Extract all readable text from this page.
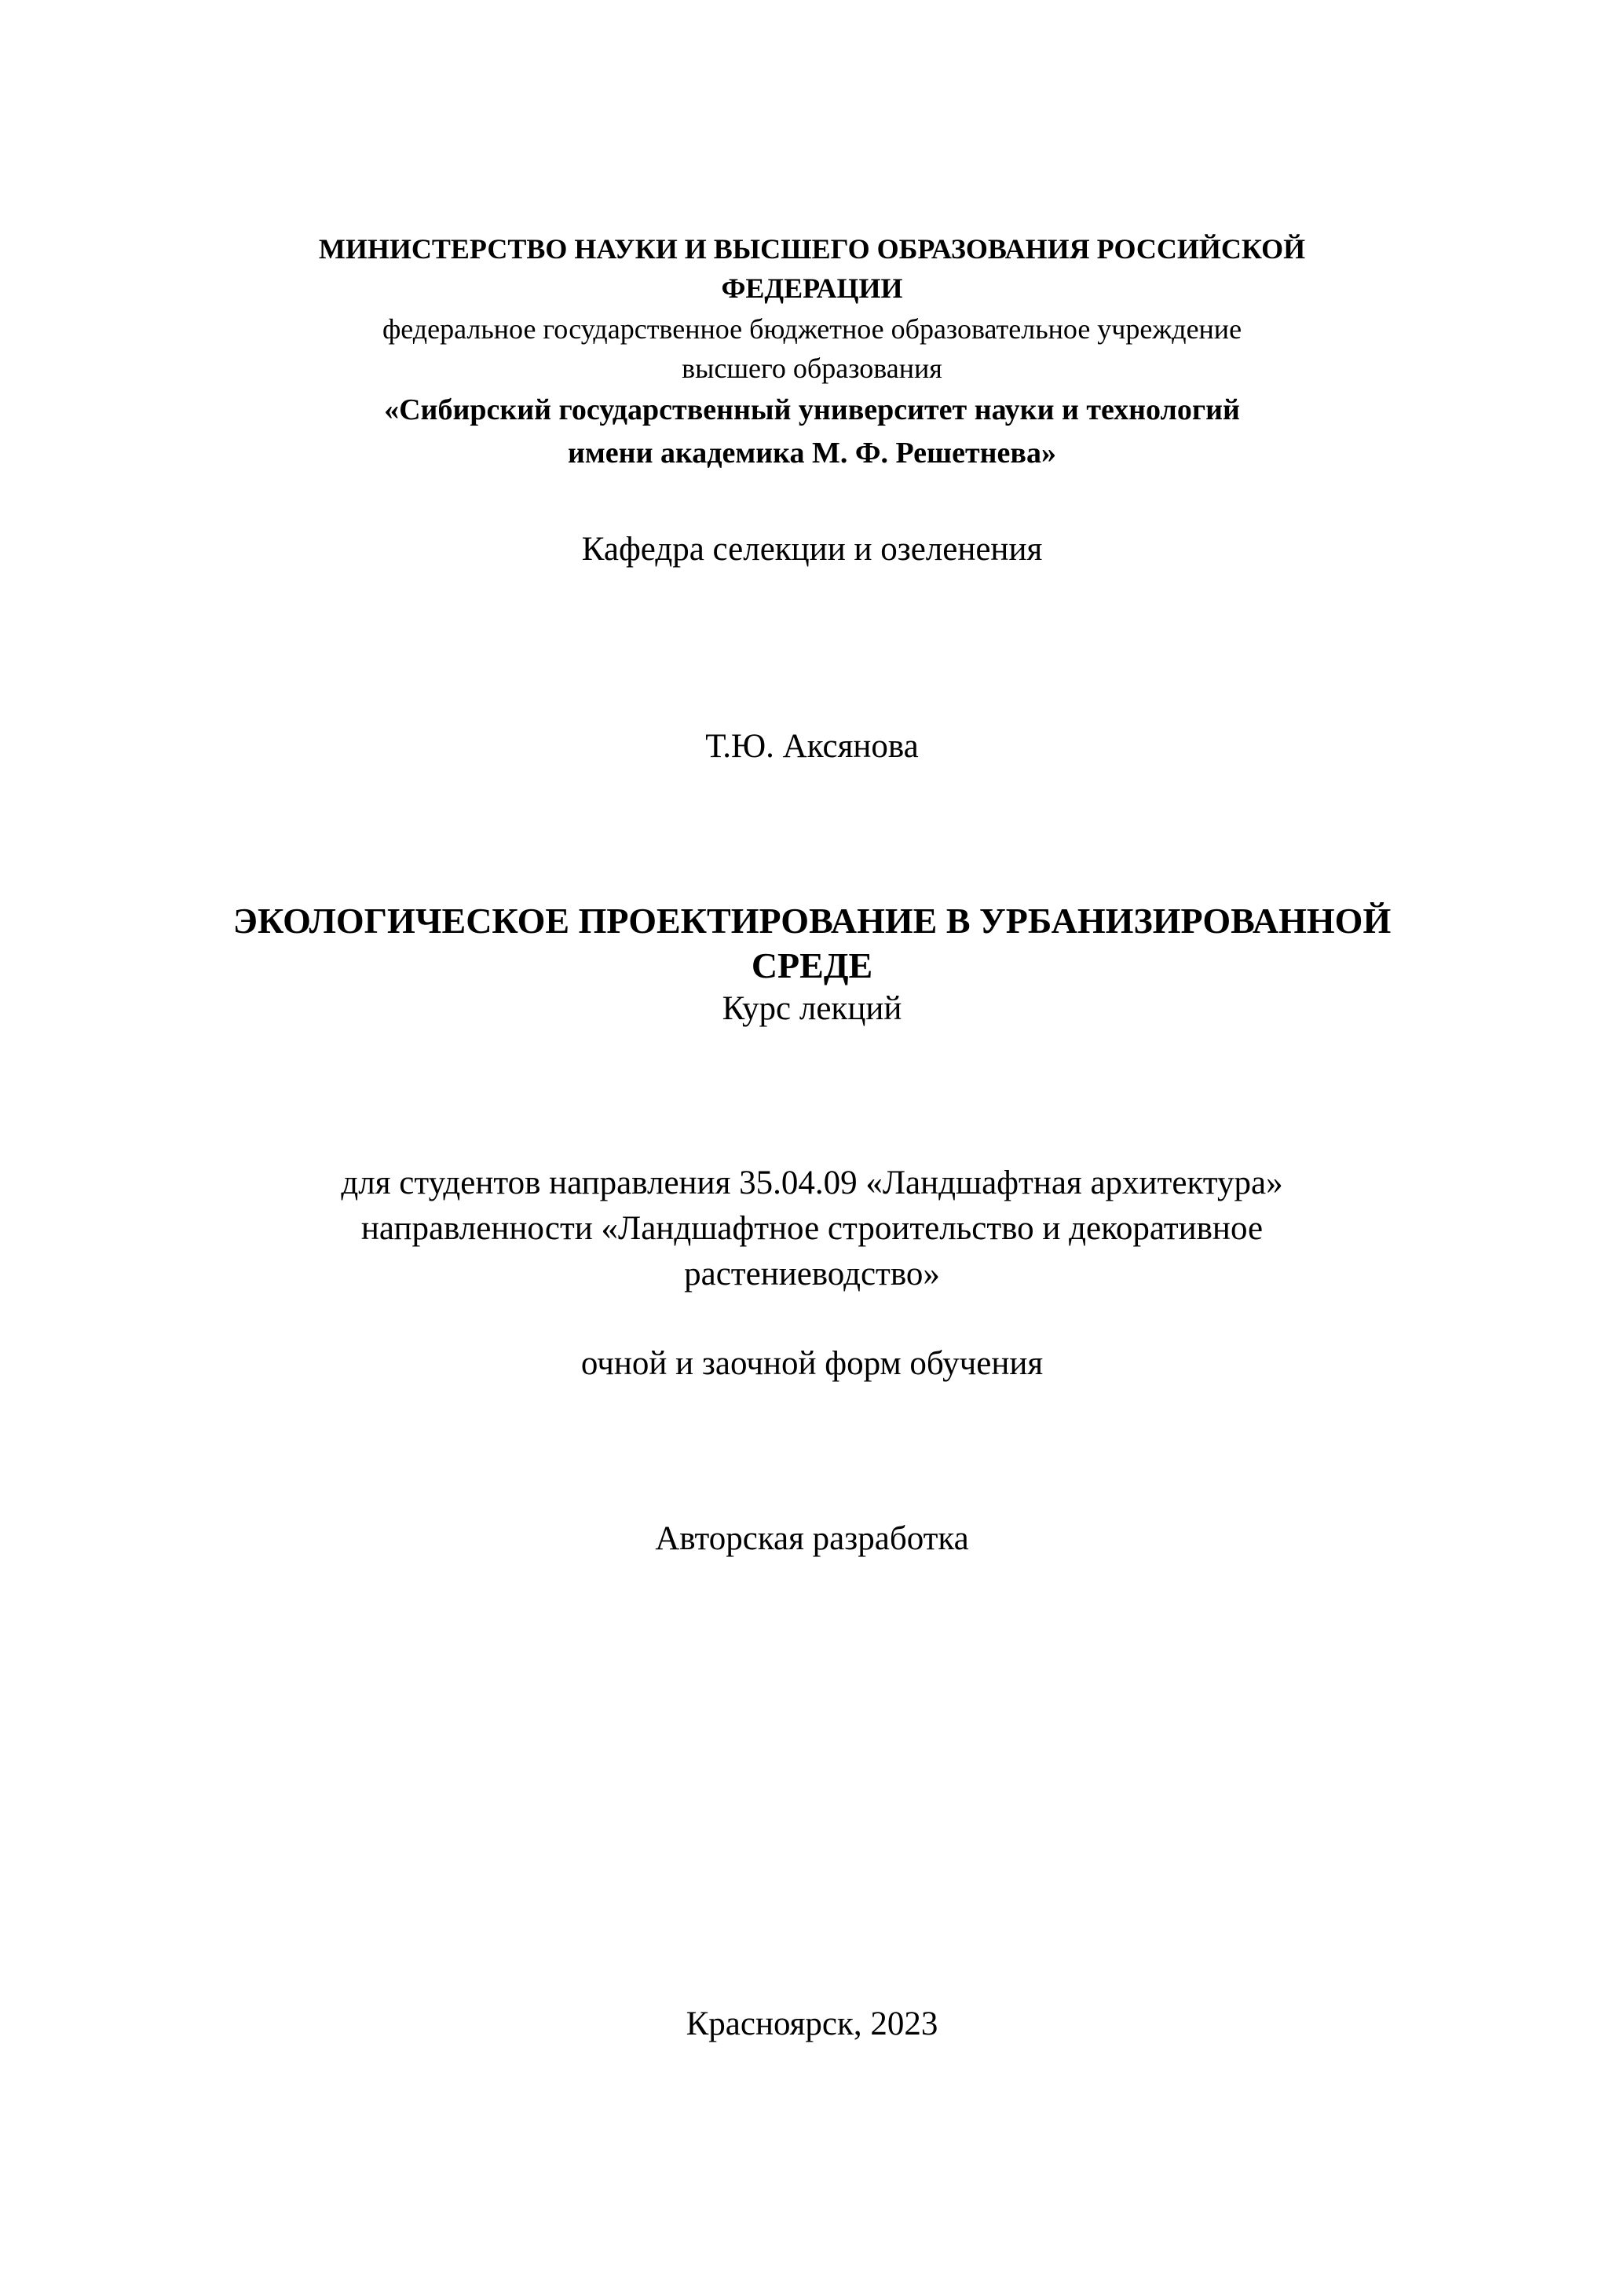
МИНИСТЕРСТВО НАУКИ И ВЫСШЕГО ОБРАЗОВАНИЯ РОССИЙСКОЙ

ФЕДЕРАЦИИ

федеральное государственное бюджетное образовательное учреждение

высшего образования

«Сибирский государственный университет науки и технологий

имени академика М. Ф. Решетнева»

Кафедра селекции и озеленения

Т.Ю. Аксянова

ЭКОЛОГИЧЕСКОЕ ПРОЕКТИРОВАНИЕ В УРБАНИЗИРОВАННОЙ

СРЕДЕ

Курс лекций

для студентов направления 35.04.09 «Ландшафтная архитектура»

направленности «Ландшафтное строительство и декоративное

растениеводство»

очной и заочной форм обучения

Авторская разработка

Красноярск, 2023
